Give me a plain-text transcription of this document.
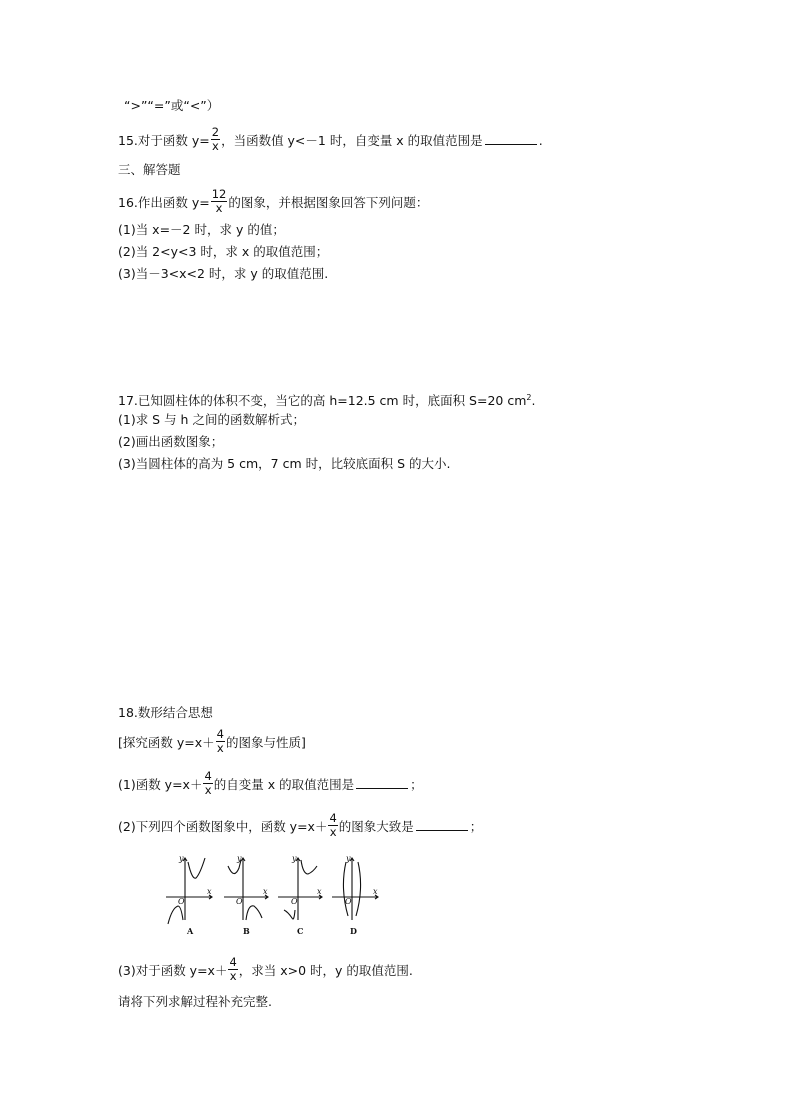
“>”“=”或“<”）
15.对于函数 $y= \frac{2}{x}$ ，当函数值 y<－1 时，自变量 x 的取值范围是	.
三、解答题
16.作出函数 $y= \frac{12}{x}$ 的图象，并根据图象回答下列问题：
(1)当 x=－2 时，求 y 的值；
(2)当 2<y<3 时，求 x 的取值范围；
(3)当－3<x<2 时，求 y 的取值范围.
17.已知圆柱体的体积不变，当它的高 h=12.5 cm 时，底面积 S=20 $cm^2$.
(1)求 S 与 h 之间的函数解析式；
(2)画出函数图象；
(3)当圆柱体的高为 5 cm，7 cm 时，比较底面积 S 的大小.
18.数形结合思想
[探究函数 $y=x+ \frac{4}{x}$ 的图象与性质]
(1)函数 $y=x+ \frac{4}{x}$ 的自变量 x 的取值范围是	；
(2)下列四个函数图象中，函数 $y=x+ \frac{4}{x}$ 的图象大致是	；
O
x
y
O
x
y
O
x
y
O
x
y
A	B	C	D
(3)对于函数 $y=x+ \frac{4}{x}$ ，求当 x>0 时，y 的取值范围.
请将下列求解过程补充完整.
